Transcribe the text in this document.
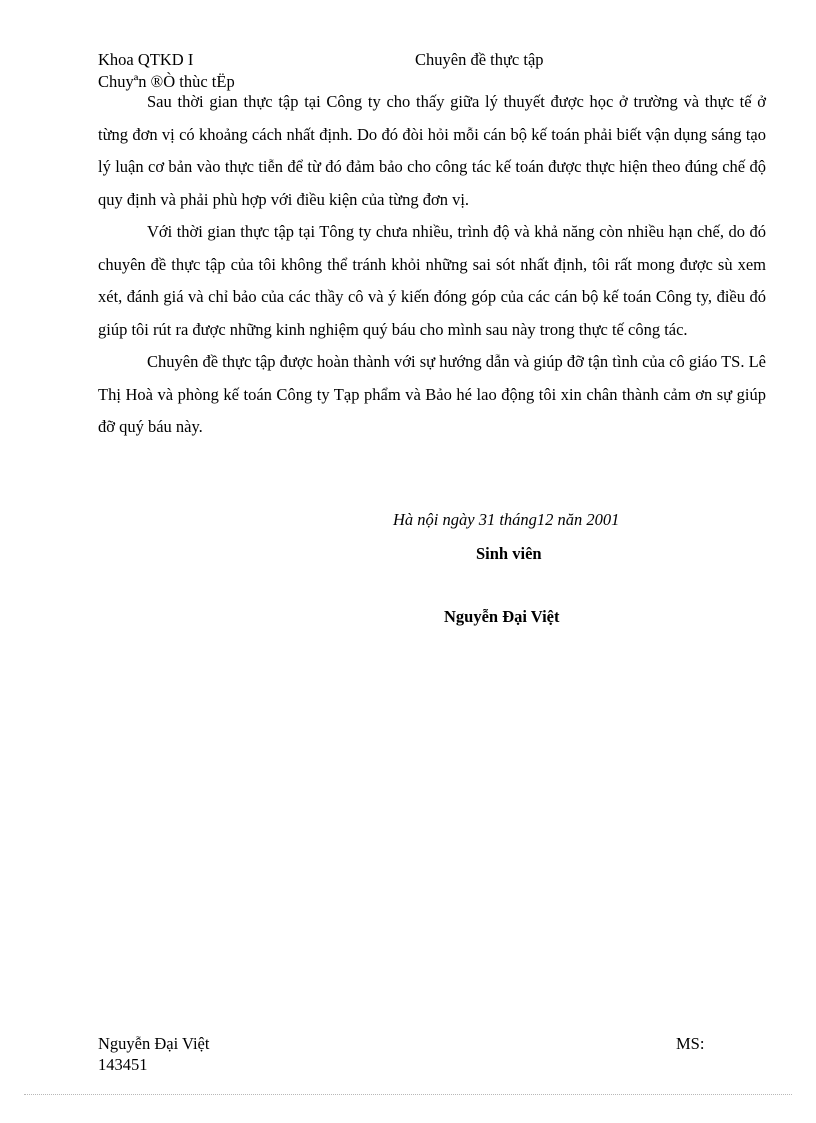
Khoa QTKD I	Chuyên đề thực tập
Chuyªn ®Ò thùc tËp

Sau thời gian thực tập tại Công ty cho thấy giữa lý thuyết được học ở trường và thực tế ở từng đơn vị có khoảng cách nhất định. Do đó đòi hỏi mỗi cán bộ kế toán phải biết vận dụng sáng tạo lý luận cơ bản vào thực tiễn để từ đó đảm bảo cho công tác kế toán được thực hiện theo đúng chế độ quy định và phải phù hợp với điều kiện của từng đơn vị.

Với thời gian thực tập tại Tông ty chưa nhiều, trình độ và khả năng còn nhiều hạn chế, do đó chuyên đề thực tập của tôi không thể tránh khỏi những sai sót nhất định, tôi rất mong được sù xem xét, đánh giá và chỉ bảo của các thầy cô và ý kiến đóng góp của các cán bộ kế toán Công ty, điều đó giúp tôi rút ra được những kinh nghiệm quý báu cho mình sau này trong thực tế công tác.

Chuyên đề thực tập được hoàn thành với sự hướng dẫn và giúp đỡ tận tình của cô giáo TS. Lê Thị Hoà và phòng kế toán Công ty Tạp phẩm và Bảo hé lao động tôi xin chân thành cảm ơn sự giúp đỡ quý báu này.

Hà nội ngày 31 tháng12 năn 2001
Sinh viên
Nguyễn Đại Việt
Nguyễn Đại Việt	MS:
143451
